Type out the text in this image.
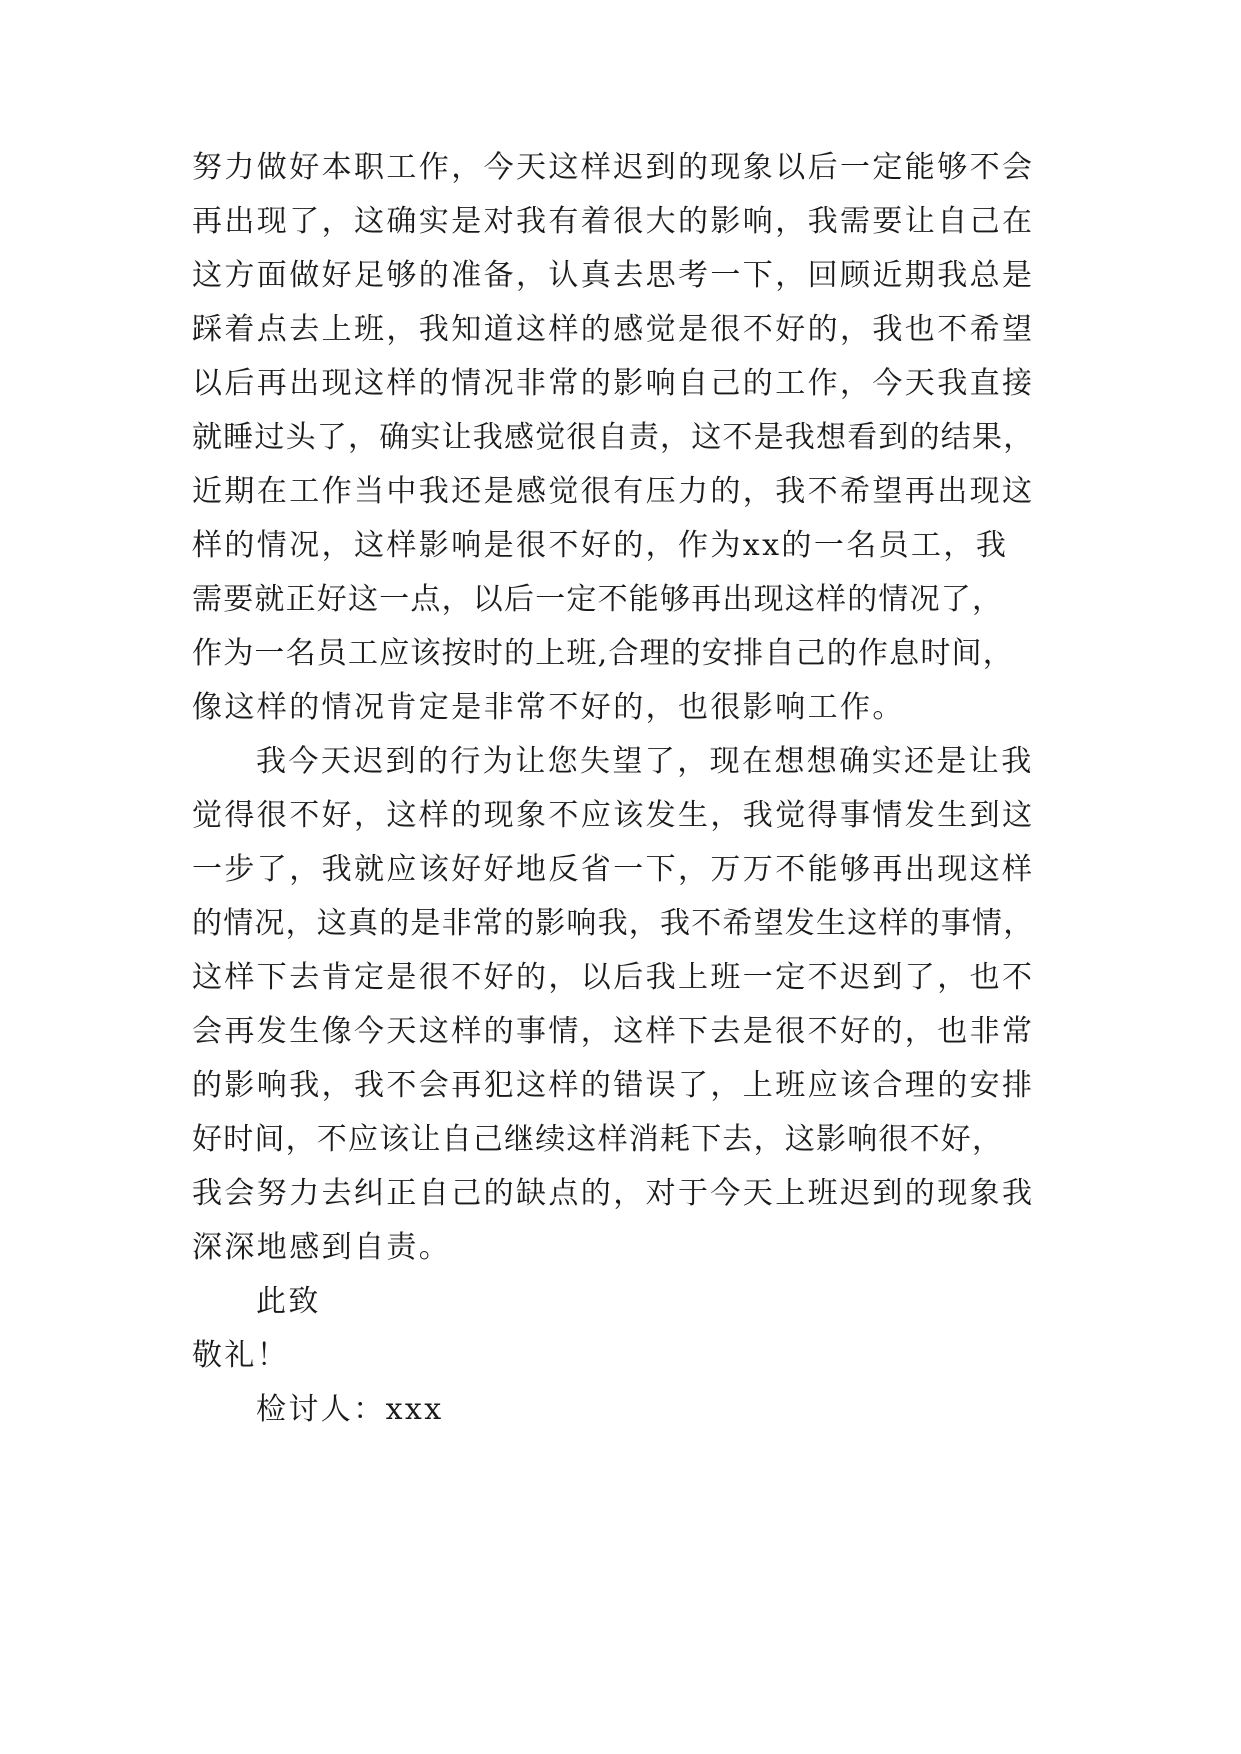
努力做好本职工作，今天这样迟到的现象以后一定能够不会
再出现了，这确实是对我有着很大的影响，我需要让自己在
这方面做好足够的准备，认真去思考一下，回顾近期我总是
踩着点去上班，我知道这样的感觉是很不好的，我也不希望
以后再出现这样的情况非常的影响自己的工作，今天我直接
就睡过头了，确实让我感觉很自责，这不是我想看到的结果，
近期在工作当中我还是感觉很有压力的，我不希望再出现这
样的情况，这样影响是很不好的，作为xx的一名员工，我
需要就正好这一点，以后一定不能够再出现这样的情况了，
作为一名员工应该按时的上班,合理的安排自己的作息时间，
像这样的情况肯定是非常不好的，也很影响工作。
我今天迟到的行为让您失望了，现在想想确实还是让我
觉得很不好，这样的现象不应该发生，我觉得事情发生到这
一步了，我就应该好好地反省一下，万万不能够再出现这样
的情况，这真的是非常的影响我，我不希望发生这样的事情，
这样下去肯定是很不好的，以后我上班一定不迟到了，也不
会再发生像今天这样的事情，这样下去是很不好的，也非常
的影响我，我不会再犯这样的错误了，上班应该合理的安排
好时间，不应该让自己继续这样消耗下去，这影响很不好，
我会努力去纠正自己的缺点的，对于今天上班迟到的现象我
深深地感到自责。
此致
敬礼！
检讨人：xxx
